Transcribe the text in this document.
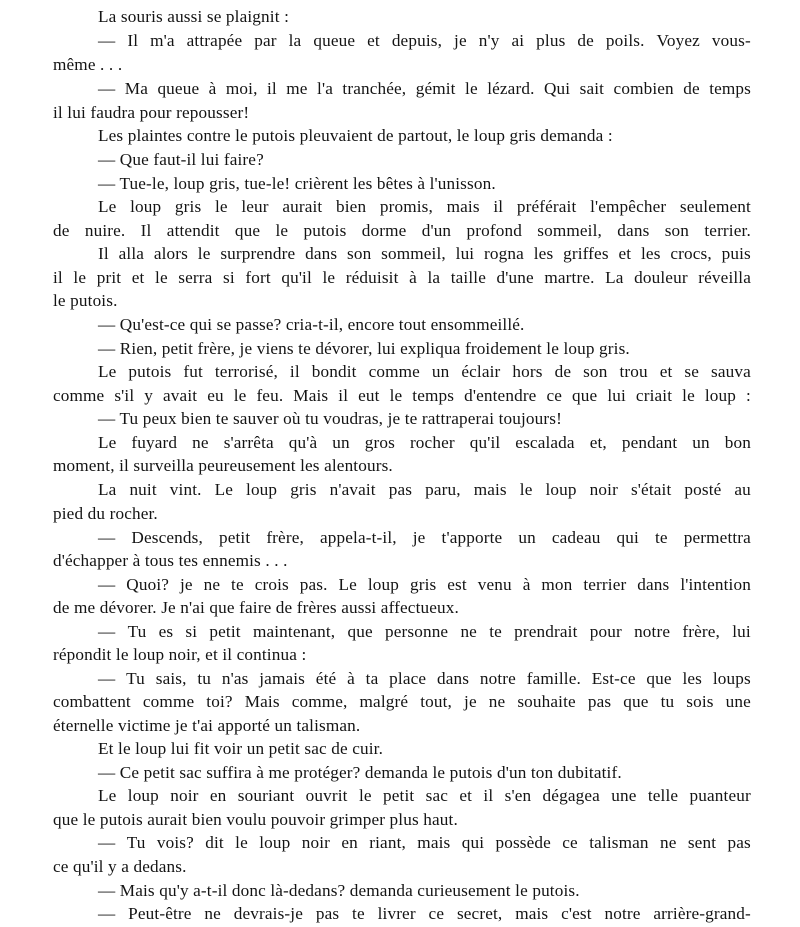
La souris aussi se plaignit :
— Il m'a attrapée par la queue et depuis, je n'y ai plus de poils. Voyez vous-
même . . .
— Ma queue à moi, il me l'a tranchée, gémit le lézard. Qui sait combien de temps
il lui faudra pour repousser!
Les plaintes contre le putois pleuvaient de partout, le loup gris demanda :
— Que faut-il lui faire?
— Tue-le, loup gris, tue-le! crièrent les bêtes à l'unisson.
Le loup gris le leur aurait bien promis, mais il préférait l'empêcher seulement
de nuire. Il attendit que le putois dorme d'un profond sommeil, dans son terrier.
Il alla alors le surprendre dans son sommeil, lui rogna les griffes et les crocs, puis
il le prit et le serra si fort qu'il le réduisit à la taille d'une martre. La douleur réveilla
le putois.
— Qu'est-ce qui se passe? cria-t-il, encore tout ensommeillé.
— Rien, petit frère, je viens te dévorer, lui expliqua froidement le loup gris.
Le putois fut terrorisé, il bondit comme un éclair hors de son trou et se sauva
comme s'il y avait eu le feu. Mais il eut le temps d'entendre ce que lui criait le loup :
— Tu peux bien te sauver où tu voudras, je te rattraperai toujours!
Le fuyard ne s'arrêta qu'à un gros rocher qu'il escalada et, pendant un bon
moment, il surveilla peureusement les alentours.
La nuit vint. Le loup gris n'avait pas paru, mais le loup noir s'était posté au
pied du rocher.
— Descends, petit frère, appela-t-il, je t'apporte un cadeau qui te permettra
d'échapper à tous tes ennemis . . .
— Quoi? je ne te crois pas. Le loup gris est venu à mon terrier dans l'intention
de me dévorer. Je n'ai que faire de frères aussi affectueux.
— Tu es si petit maintenant, que personne ne te prendrait pour notre frère, lui
répondit le loup noir, et il continua :
— Tu sais, tu n'as jamais été à ta place dans notre famille. Est-ce que les loups
combattent comme toi? Mais comme, malgré tout, je ne souhaite pas que tu sois une
éternelle victime je t'ai apporté un talisman.
Et le loup lui fit voir un petit sac de cuir.
— Ce petit sac suffira à me protéger? demanda le putois d'un ton dubitatif.
Le loup noir en souriant ouvrit le petit sac et il s'en dégagea une telle puanteur
que le putois aurait bien voulu pouvoir grimper plus haut.
— Tu vois? dit le loup noir en riant, mais qui possède ce talisman ne sent pas
ce qu'il y a dedans.
— Mais qu'y a-t-il donc là-dedans? demanda curieusement le putois.
— Peut-être ne devrais-je pas te livrer ce secret, mais c'est notre arrière-grand-
